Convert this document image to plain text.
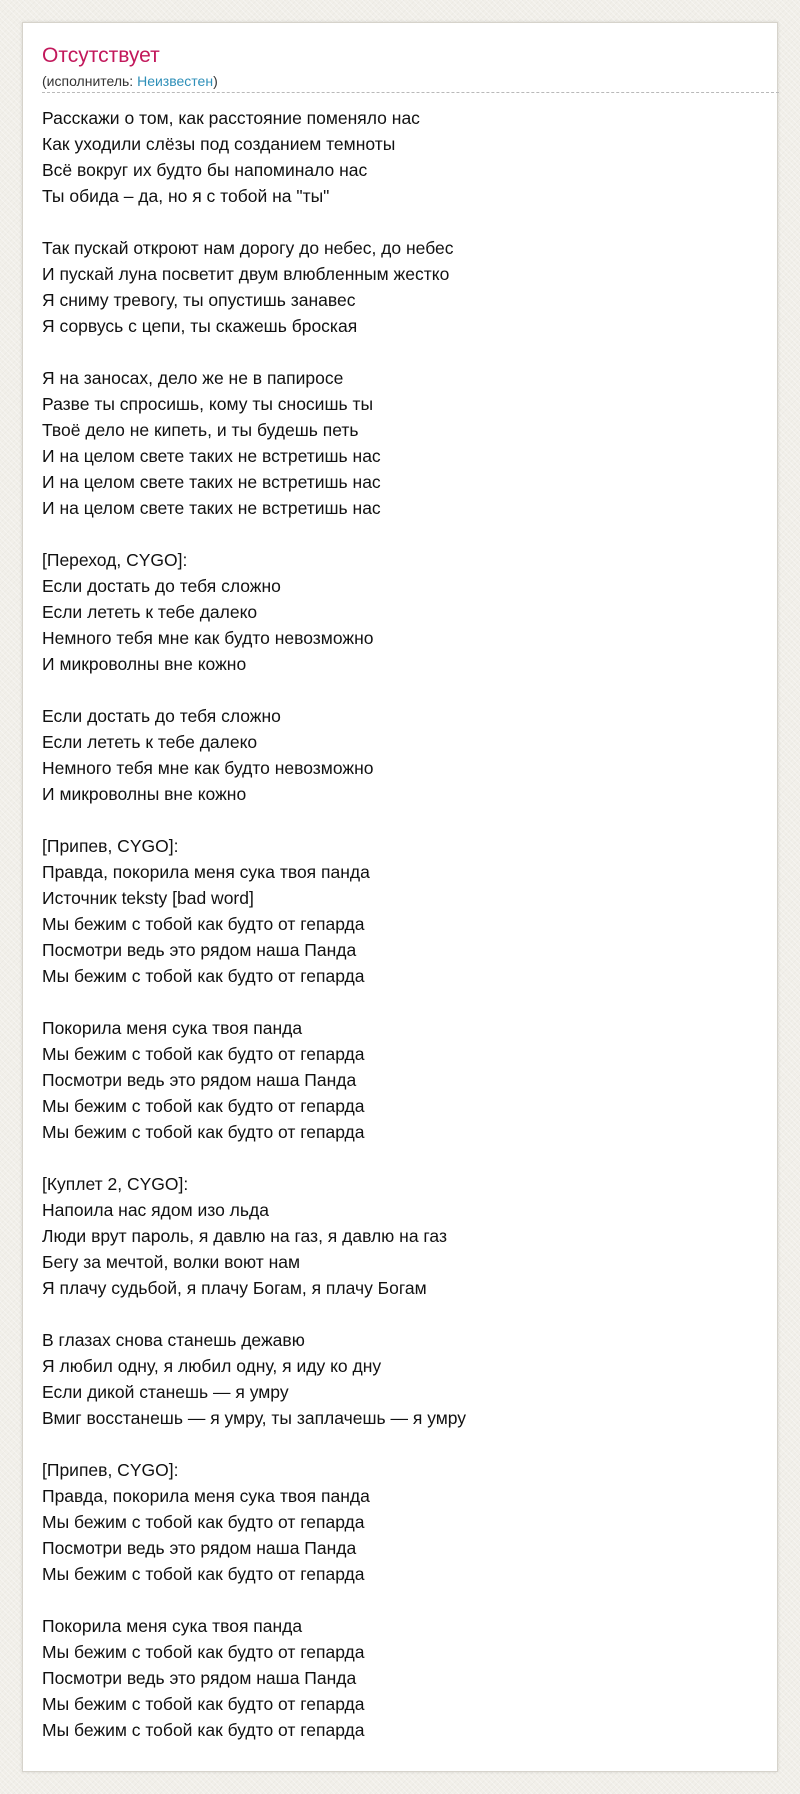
Отсутствует
(исполнитель: Неизвестен)
Расскажи о том, как расстояние поменяло нас
Как уходили слёзы под созданием темноты
Всё вокруг их будто бы напоминало нас
Ты обида – да, но я с тобой на "ты"
Так пускай откроют нам дорогу до небес, до небес
И пускай луна посветит двум влюбленным жестко
Я сниму тревогу, ты опустишь занавес
Я сорвусь с цепи, ты скажешь броская
Я на заносах, дело же не в папиросе
Разве ты спросишь, кому ты сносишь ты
Твоё дело не кипеть, и ты будешь петь
И на целом свете таких не встретишь нас
И на целом свете таких не встретишь нас
И на целом свете таких не встретишь нас
[Переход, CYGO]:
Если достать до тебя сложно
Если лететь к тебе далеко
Немного тебя мне как будто невозможно
И микроволны вне кожно
Если достать до тебя сложно
Если лететь к тебе далеко
Немного тебя мне как будто невозможно
И микроволны вне кожно
[Припев, CYGO]:
Правда, покорила меня сука твоя панда
Источник teksty [bad word]
Мы бежим с тобой как будто от гепарда
Посмотри ведь это рядом наша Панда
Мы бежим с тобой как будто от гепарда
Покорила меня сука твоя панда
Мы бежим с тобой как будто от гепарда
Посмотри ведь это рядом наша Панда
Мы бежим с тобой как будто от гепарда
Мы бежим с тобой как будто от гепарда
[Куплет 2, CYGO]:
Напоила нас ядом изо льда
Люди врут пароль, я давлю на газ, я давлю на газ
Бегу за мечтой, волки воют нам
Я плачу судьбой, я плачу Богам, я плачу Богам
В глазах снова станешь дежавю
Я любил одну, я любил одну, я иду ко дну
Если дикой станешь — я умру
Вмиг восстанешь — я умру, ты заплачешь — я умру
[Припев, CYGO]:
Правда, покорила меня сука твоя панда
Мы бежим с тобой как будто от гепарда
Посмотри ведь это рядом наша Панда
Мы бежим с тобой как будто от гепарда
Покорила меня сука твоя панда
Мы бежим с тобой как будто от гепарда
Посмотри ведь это рядом наша Панда
Мы бежим с тобой как будто от гепарда
Мы бежим с тобой как будто от гепарда
